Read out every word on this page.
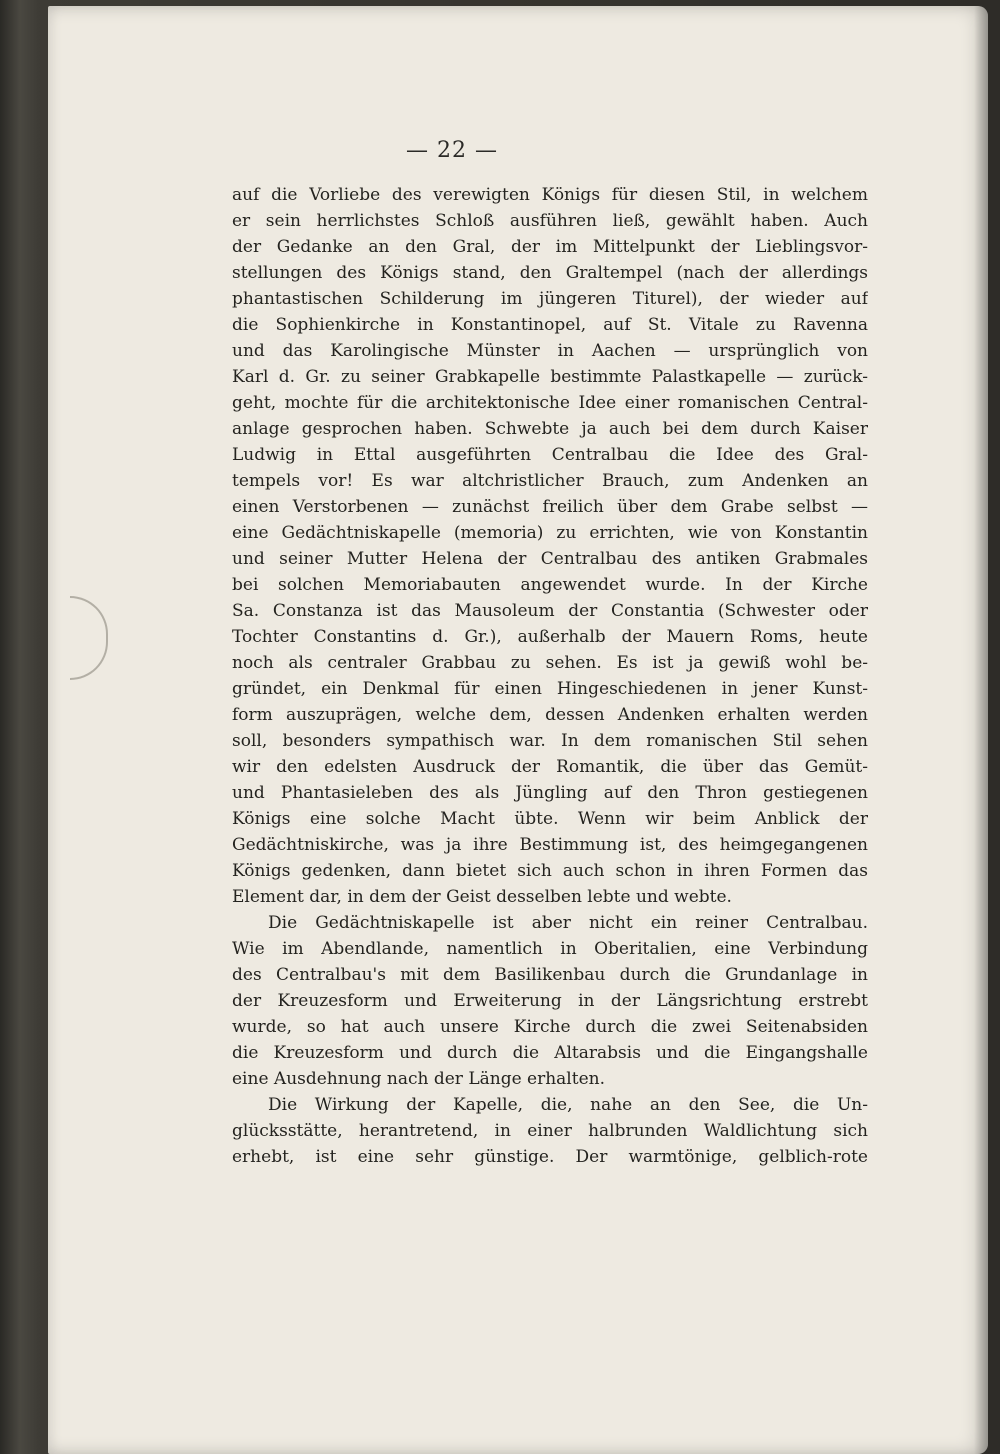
— 22 —
auf die Vorliebe des verewigten Königs für diesen Stil, in welchem
er sein herrlichstes Schloß ausführen ließ, gewählt haben. Auch
der Gedanke an den Gral, der im Mittelpunkt der Lieblingsvor-
stellungen des Königs stand, den Graltempel (nach der allerdings
phantastischen Schilderung im jüngeren Titurel), der wieder auf
die Sophienkirche in Konstantinopel, auf St. Vitale zu Ravenna
und das Karolingische Münster in Aachen — ursprünglich von
Karl d. Gr. zu seiner Grabkapelle bestimmte Palastkapelle — zurück-
geht, mochte für die architektonische Idee einer romanischen Central-
anlage gesprochen haben. Schwebte ja auch bei dem durch Kaiser
Ludwig in Ettal ausgeführten Centralbau die Idee des Gral-
tempels vor! Es war altchristlicher Brauch, zum Andenken an
einen Verstorbenen — zunächst freilich über dem Grabe selbst —
eine Gedächtniskapelle (memoria) zu errichten, wie von Konstantin
und seiner Mutter Helena der Centralbau des antiken Grabmales
bei solchen Memoriabauten angewendet wurde. In der Kirche
Sa. Constanza ist das Mausoleum der Constantia (Schwester oder
Tochter Constantins d. Gr.), außerhalb der Mauern Roms, heute
noch als centraler Grabbau zu sehen. Es ist ja gewiß wohl be-
gründet, ein Denkmal für einen Hingeschiedenen in jener Kunst-
form auszuprägen, welche dem, dessen Andenken erhalten werden
soll, besonders sympathisch war. In dem romanischen Stil sehen
wir den edelsten Ausdruck der Romantik, die über das Gemüt-
und Phantasieleben des als Jüngling auf den Thron gestiegenen
Königs eine solche Macht übte. Wenn wir beim Anblick der
Gedächtniskirche, was ja ihre Bestimmung ist, des heimgegangenen
Königs gedenken, dann bietet sich auch schon in ihren Formen das
Element dar, in dem der Geist desselben lebte und webte.
Die Gedächtniskapelle ist aber nicht ein reiner Centralbau.
Wie im Abendlande, namentlich in Oberitalien, eine Verbindung
des Centralbau's mit dem Basilikenbau durch die Grundanlage in
der Kreuzesform und Erweiterung in der Längsrichtung erstrebt
wurde, so hat auch unsere Kirche durch die zwei Seitenabsiden
die Kreuzesform und durch die Altarabsis und die Eingangshalle
eine Ausdehnung nach der Länge erhalten.
Die Wirkung der Kapelle, die, nahe an den See, die Un-
glücksstätte, herantretend, in einer halbrunden Waldlichtung sich
erhebt, ist eine sehr günstige. Der warmtönige, gelblich-rote
